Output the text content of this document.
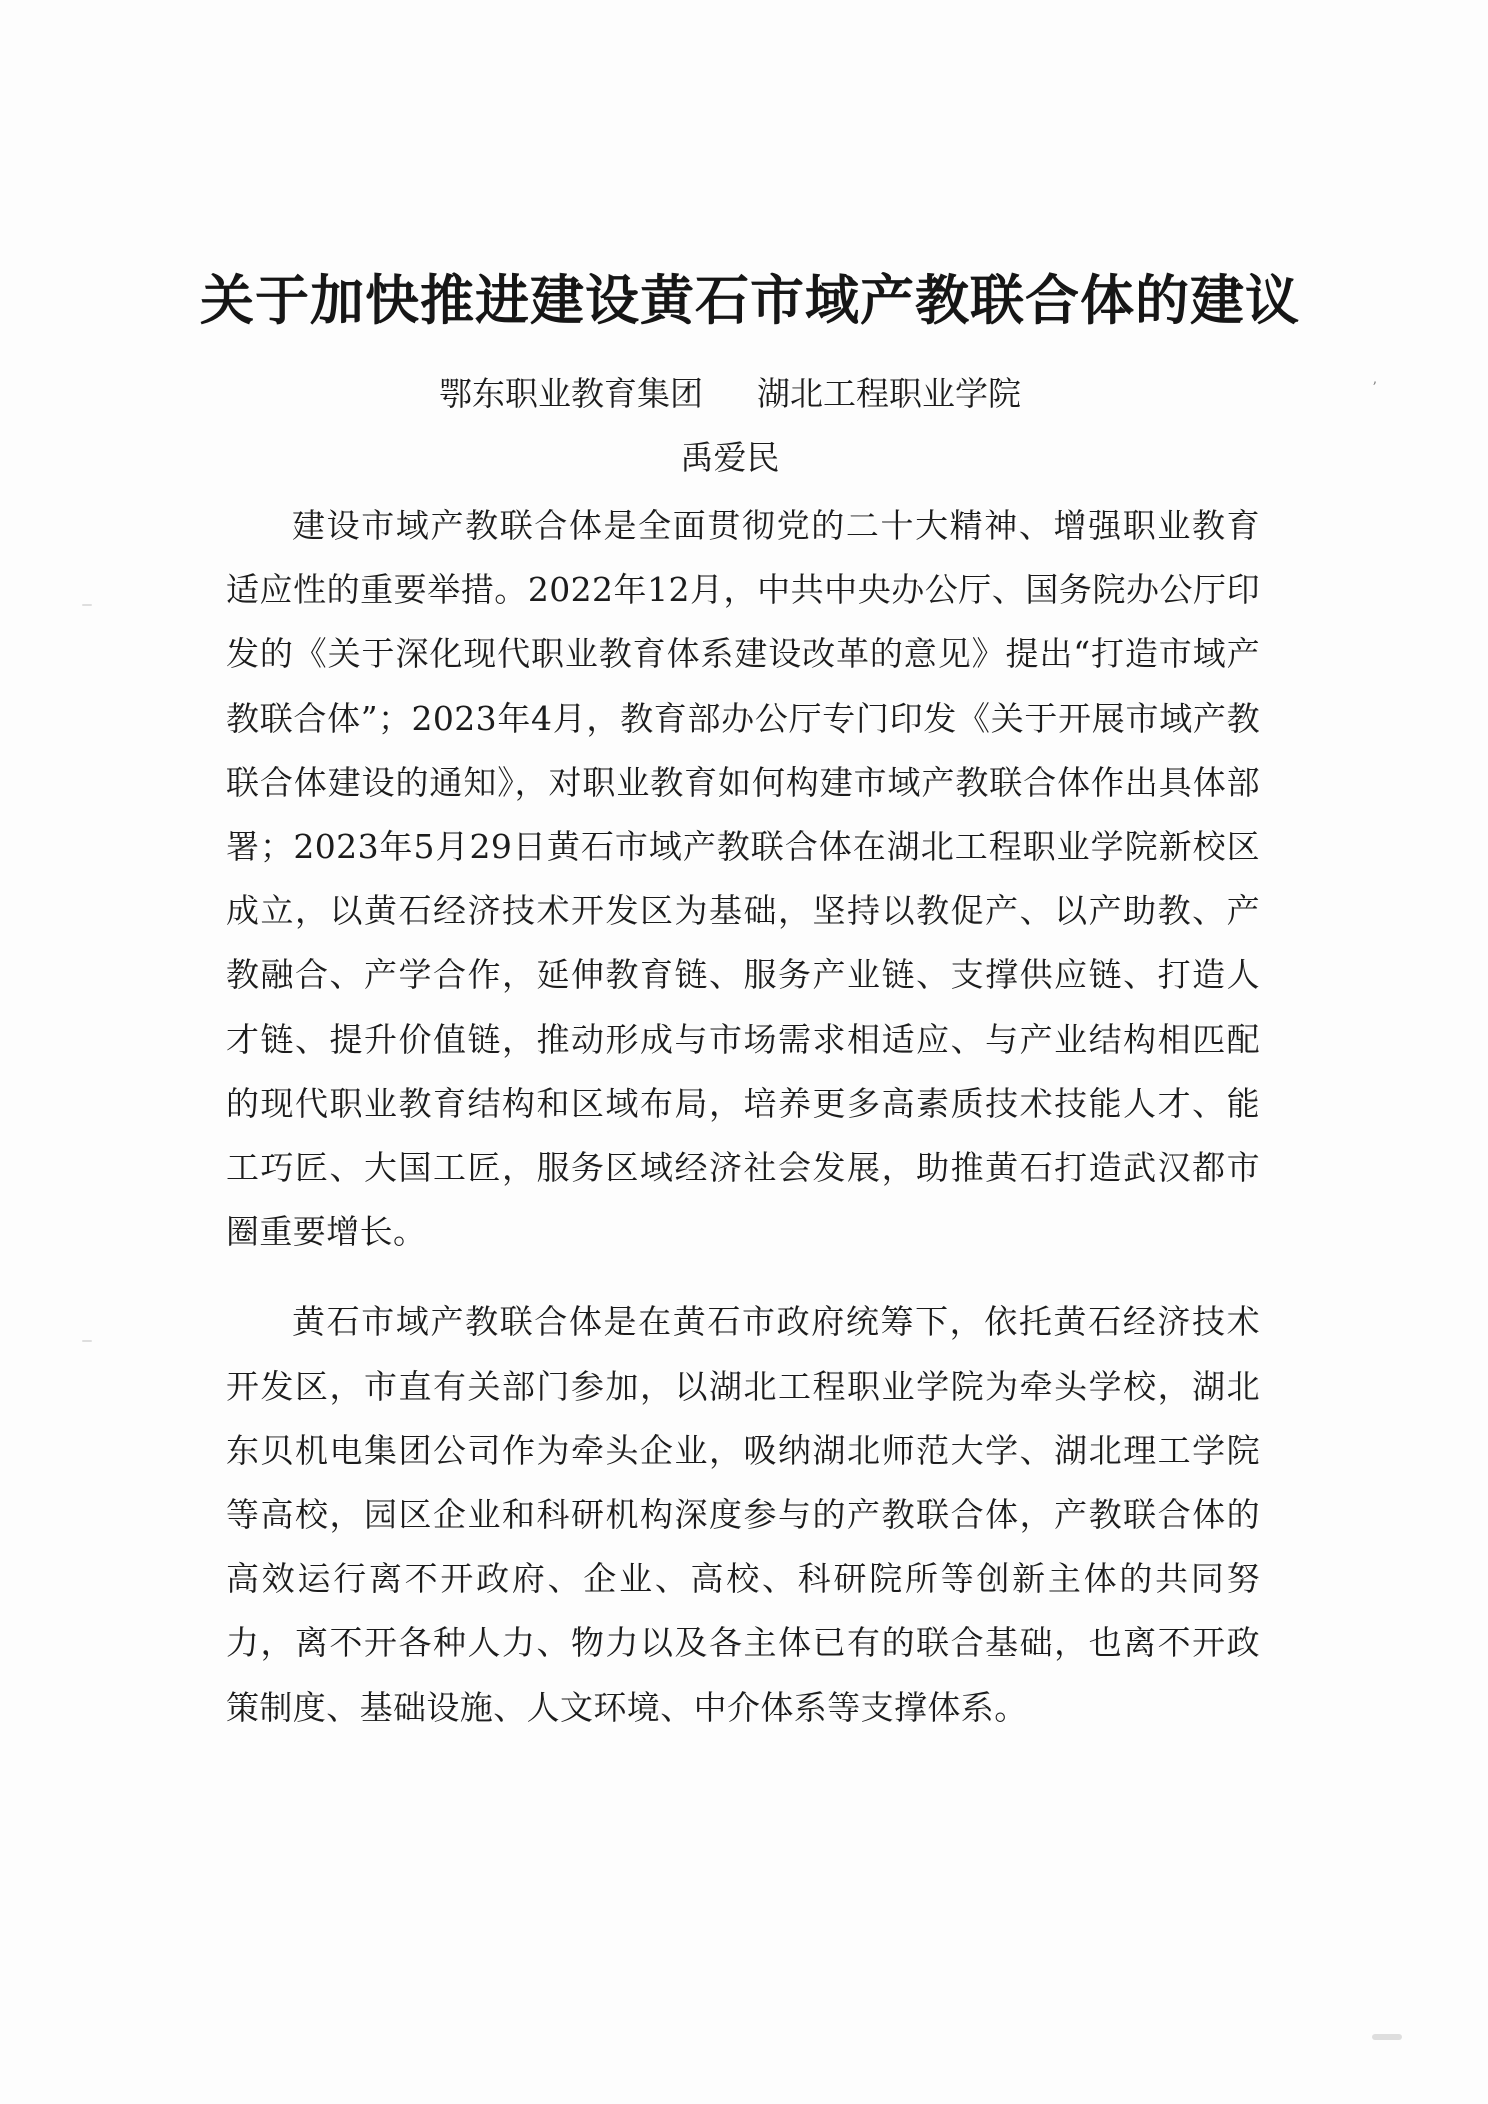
关于加快推进建设黄石市域产教联合体的建议
鄂东职业教育集团 湖北工程职业学院
禹爱民

建设市域产教联合体是全面贯彻党的二十大精神、增强职业教育适应性的重要举措。2022年12月，中共中央办公厅、国务院办公厅印发的《关于深化现代职业教育体系建设改革的意见》提出“打造市域产教联合体”；2023年4月，教育部办公厅专门印发《关于开展市域产教联合体建设的通知》，对职业教育如何构建市域产教联合体作出具体部署；2023年5月29日黄石市域产教联合体在湖北工程职业学院新校区成立，以黄石经济技术开发区为基础，坚持以教促产、以产助教、产教融合、产学合作，延伸教育链、服务产业链、支撑供应链、打造人才链、提升价值链，推动形成与市场需求相适应、与产业结构相匹配的现代职业教育结构和区域布局，培养更多高素质技术技能人才、能工巧匠、大国工匠，服务区域经济社会发展，助推黄石打造武汉都市圈重要增长。

黄石市域产教联合体是在黄石市政府统筹下，依托黄石经济技术开发区，市直有关部门参加，以湖北工程职业学院为牵头学校，湖北东贝机电集团公司作为牵头企业，吸纳湖北师范大学、湖北理工学院等高校，园区企业和科研机构深度参与的产教联合体，产教联合体的高效运行离不开政府、企业、高校、科研院所等创新主体的共同努力，离不开各种人力、物力以及各主体已有的联合基础，也离不开政策制度、基础设施、人文环境、中介体系等支撑体系。

ʼ
